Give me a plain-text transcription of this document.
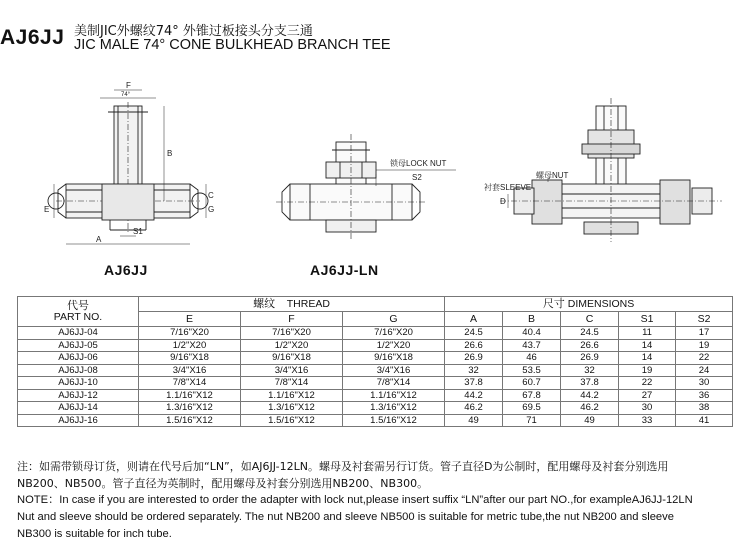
AJ6JJ 美制JIC外螺纹74° 外锥过板接头分支三通
JIC MALE 74° CONE BULKHEAD BRANCH TEE
F
74°
B
E
C
G
A
S1
锁母LOCK NUT
S2	螺母NUT
衬套SLEEVE
D
AJ6JJ	AJ6JJ-LN
代号
PART NO.	螺纹 THREAD			尺寸 DIMENSIONS				
	E	F	G	A	B	C	S1	S2
AJ6JJ-04	7/16"X20	7/16"X20	7/16"X20	24.5	40.4	24.5	11	17
AJ6JJ-05	1/2"X20	1/2"X20	1/2"X20	26.6	43.7	26.6	14	19
AJ6JJ-06	9/16"X18	9/16"X18	9/16"X18	26.9	46	26.9	14	22
AJ6JJ-08	3/4"X16	3/4"X16	3/4"X16	32	53.5	32	19	24
AJ6JJ-10	7/8"X14	7/8"X14	7/8"X14	37.8	60.7	37.8	22	30
AJ6JJ-12	1.1/16"X12	1.1/16"X12	1.1/16"X12	44.2	67.8	44.2	27	36
AJ6JJ-14	1.3/16"X12	1.3/16"X12	1.3/16"X12	46.2	69.5	46.2	30	38
AJ6JJ-16	1.5/16"X12	1.5/16"X12	1.5/16"X12	49	71	49	33	41
注：如需带锁母订货，则请在代号后加“LN”，如AJ6JJ-12LN。螺母及衬套需另行订货。管子直径D为公制时，配用螺母及衬套分别选用
NB200、NB500。管子直径为英制时，配用螺母及衬套分别选用NB200、NB300。
NOTE：In case if you are interested to order the adapter with lock nut,please insert suffix “LN”after our part NO.,for exampleAJ6JJ-12LN
Nut and sleeve should be ordered separately. The nut NB200 and sleeve NB500 is suitable for metric tube,the nut NB200 and sleeve
NB300 is suitable for inch tube.
